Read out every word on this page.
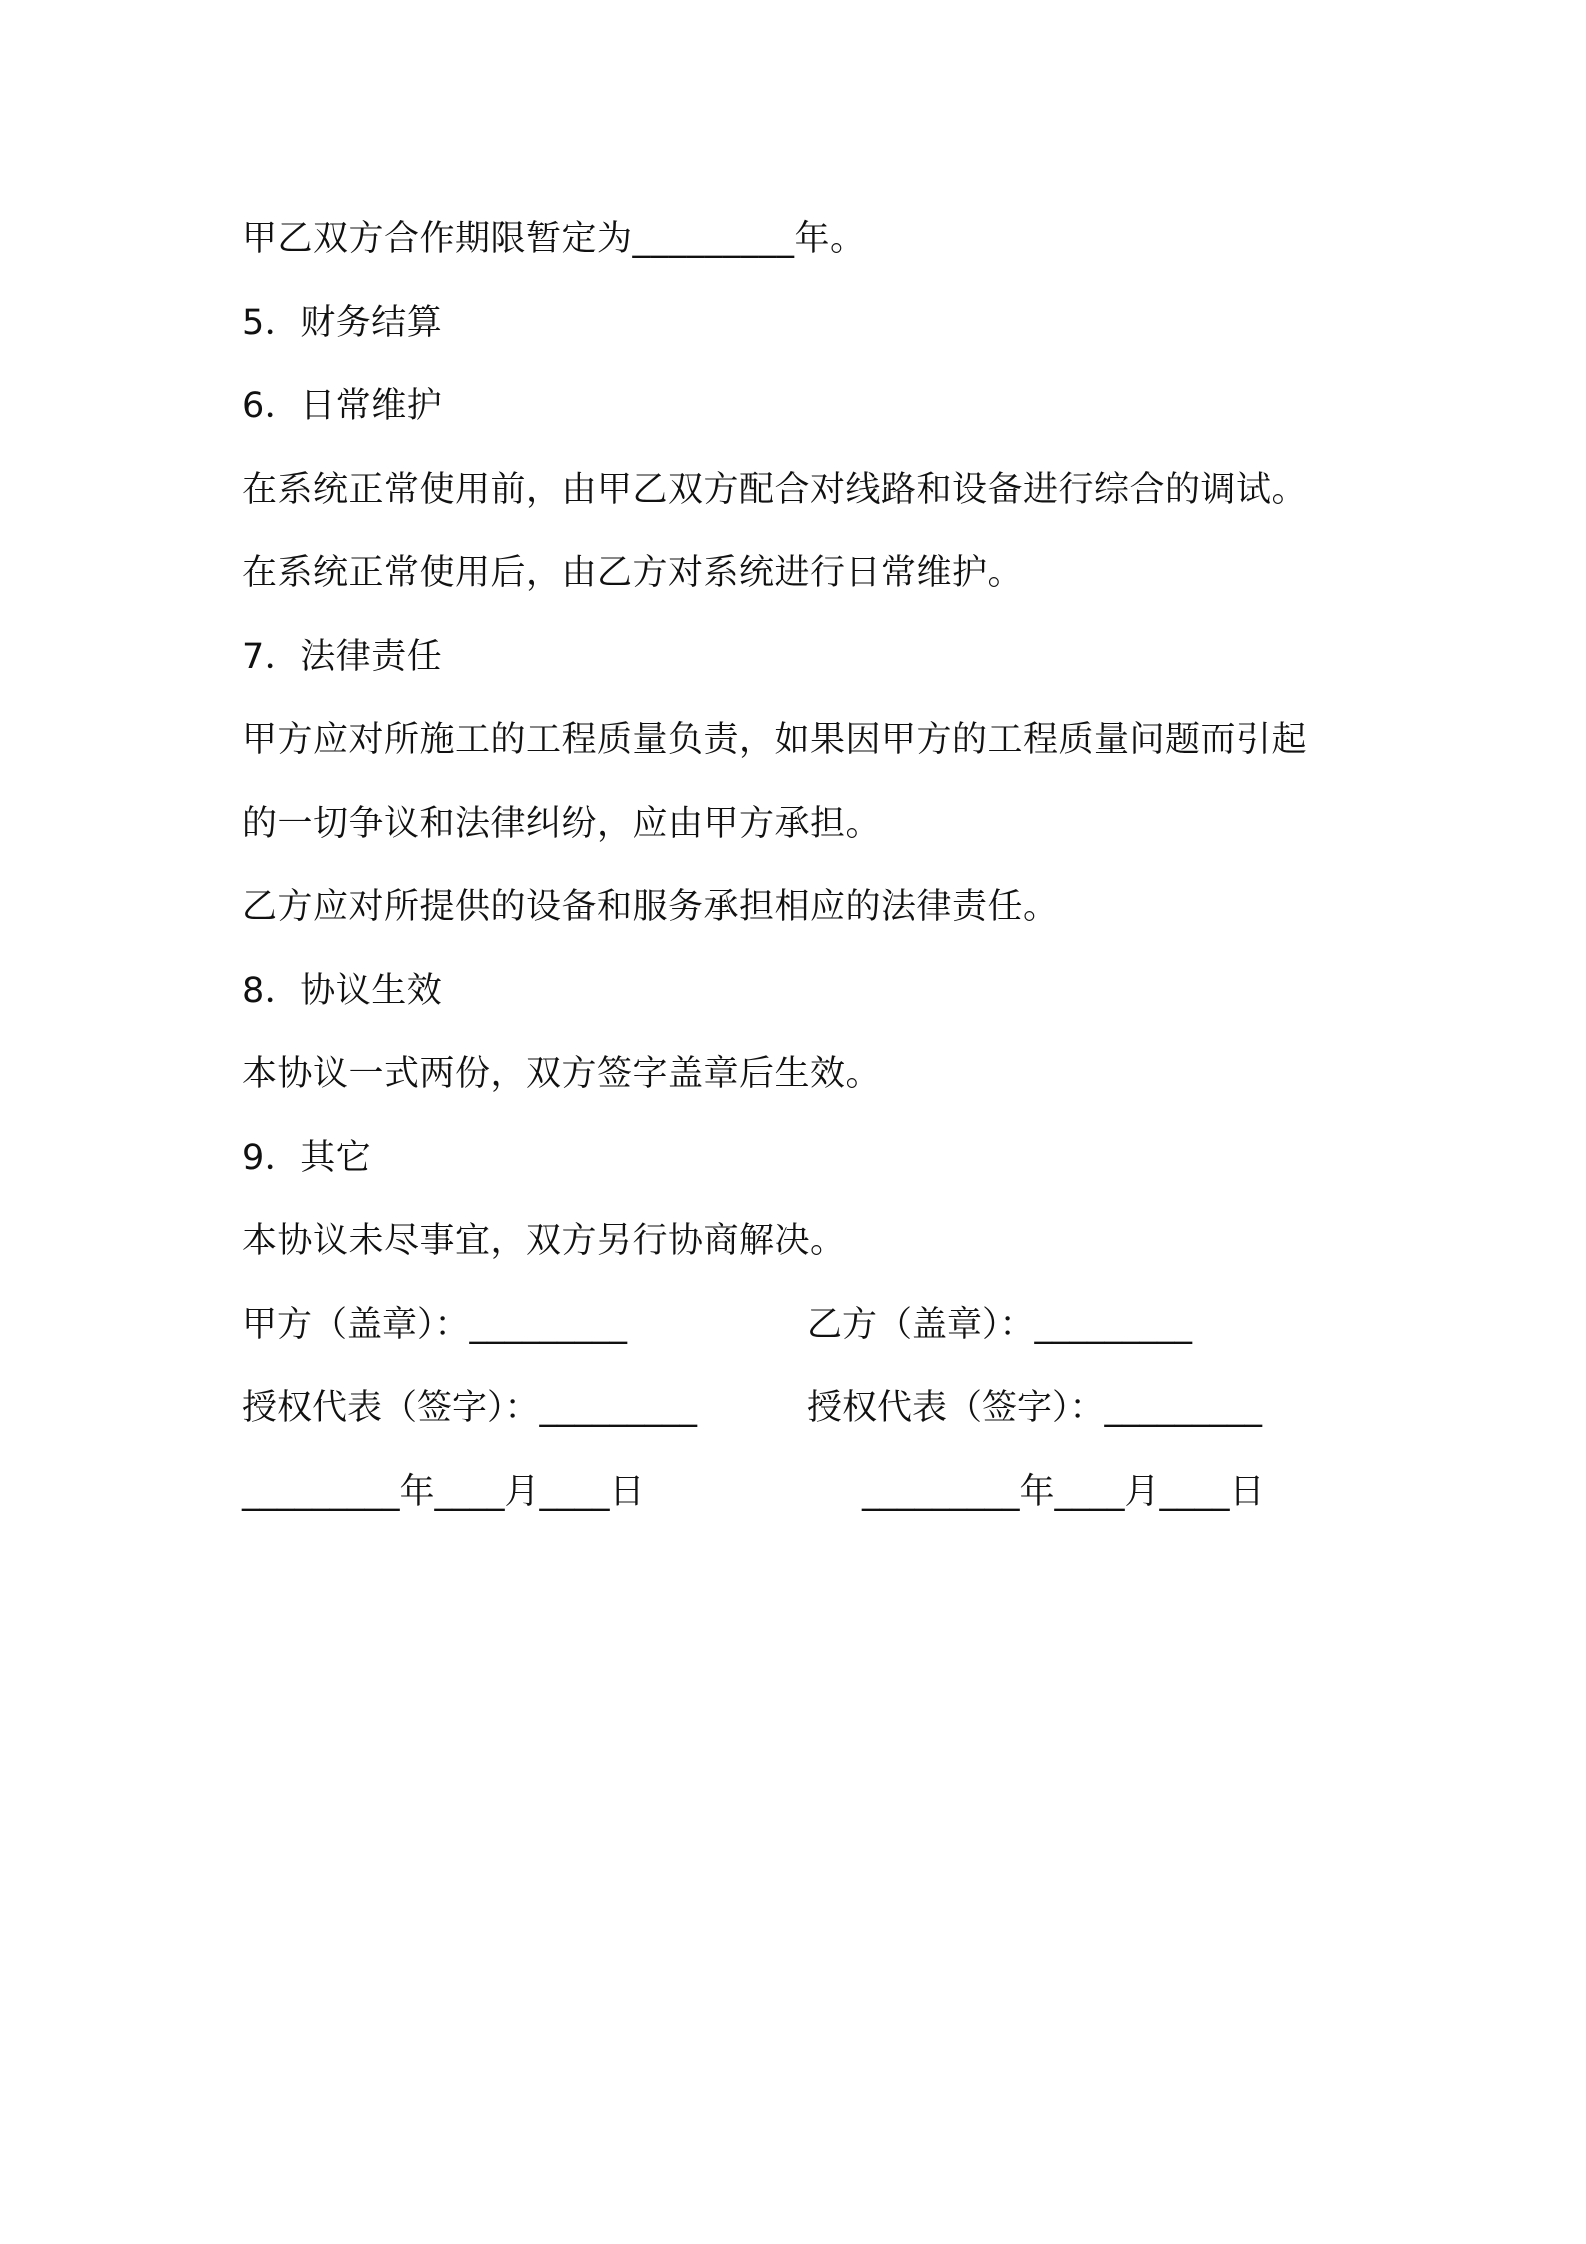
甲乙双方合作期限暂定为_________年。
5．财务结算
6．日常维护
在系统正常使用前，由甲乙双方配合对线路和设备进行综合的调试。
在系统正常使用后，由乙方对系统进行日常维护。
7．法律责任
甲方应对所施工的工程质量负责，如果因甲方的工程质量问题而引起
的一切争议和法律纠纷，应由甲方承担。
乙方应对所提供的设备和服务承担相应的法律责任。
8．协议生效
本协议一式两份，双方签字盖章后生效。
9．其它
本协议未尽事宜，双方另行协商解决。
甲方（盖章）：_________	乙方（盖章）：_________
授权代表（签字）：_________	授权代表（签字）：_________
_________年____月____日	_________年____月____日
